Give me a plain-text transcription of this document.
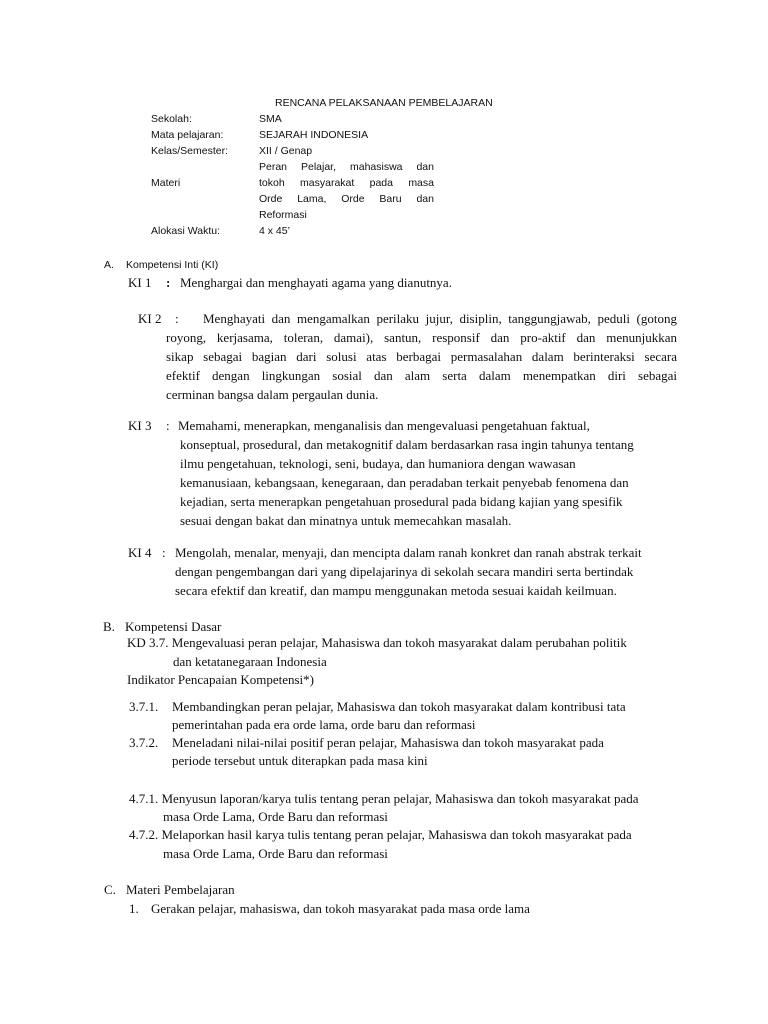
RENCANA PELAKSANAAN PEMBELAJARAN
Sekolah:	SMA
Mata pelajaran:	SEJARAH INDONESIA
Kelas/Semester:	XII / Genap
Materi
Peran Pelajar, mahasiswa dan
tokoh masyarakat pada masa
Orde Lama, Orde Baru dan
Reformasi
Alokasi Waktu:	4 x 45’
A. Kompetensi Inti (KI)
KI 1 : Menghargai dan menghayati agama yang dianutnya.
KI 2 : Menghayati dan mengamalkan perilaku jujur, disiplin, tanggungjawab, peduli (gotong
royong, kerjasama, toleran, damai), santun, responsif dan pro-aktif dan menunjukkan
sikap sebagai bagian dari solusi atas berbagai permasalahan dalam berinteraksi secara
efektif dengan lingkungan sosial dan alam serta dalam menempatkan diri sebagai
cerminan bangsa dalam pergaulan dunia.
KI 3 : Memahami, menerapkan, menganalisis dan mengevaluasi pengetahuan faktual,
konseptual, prosedural, dan metakognitif dalam berdasarkan rasa ingin tahunya tentang
ilmu pengetahuan, teknologi, seni, budaya, dan humaniora dengan wawasan
kemanusiaan, kebangsaan, kenegaraan, dan peradaban terkait penyebab fenomena dan
kejadian, serta menerapkan pengetahuan prosedural pada bidang kajian yang spesifik
sesuai dengan bakat dan minatnya untuk memecahkan masalah.
KI 4 : Mengolah, menalar, menyaji, dan mencipta dalam ranah konkret dan ranah abstrak terkait
dengan pengembangan dari yang dipelajarinya di sekolah secara mandiri serta bertindak
secara efektif dan kreatif, dan mampu menggunakan metoda sesuai kaidah keilmuan.
B. Kompetensi Dasar
KD 3.7. Mengevaluasi peran pelajar, Mahasiswa dan tokoh masyarakat dalam perubahan politik
dan ketatanegaraan Indonesia
Indikator Pencapaian Kompetensi*)
3.7.1. Membandingkan peran pelajar, Mahasiswa dan tokoh masyarakat dalam kontribusi tata
pemerintahan pada era orde lama, orde baru dan reformasi
3.7.2. Meneladani nilai-nilai positif peran pelajar, Mahasiswa dan tokoh masyarakat pada
periode tersebut untuk diterapkan pada masa kini
4.7.1. Menyusun laporan/karya tulis tentang peran pelajar, Mahasiswa dan tokoh masyarakat pada
masa Orde Lama, Orde Baru dan reformasi
4.7.2. Melaporkan hasil karya tulis tentang peran pelajar, Mahasiswa dan tokoh masyarakat pada
masa Orde Lama, Orde Baru dan reformasi
C. Materi Pembelajaran
1. Gerakan pelajar, mahasiswa, dan tokoh masyarakat pada masa orde lama
